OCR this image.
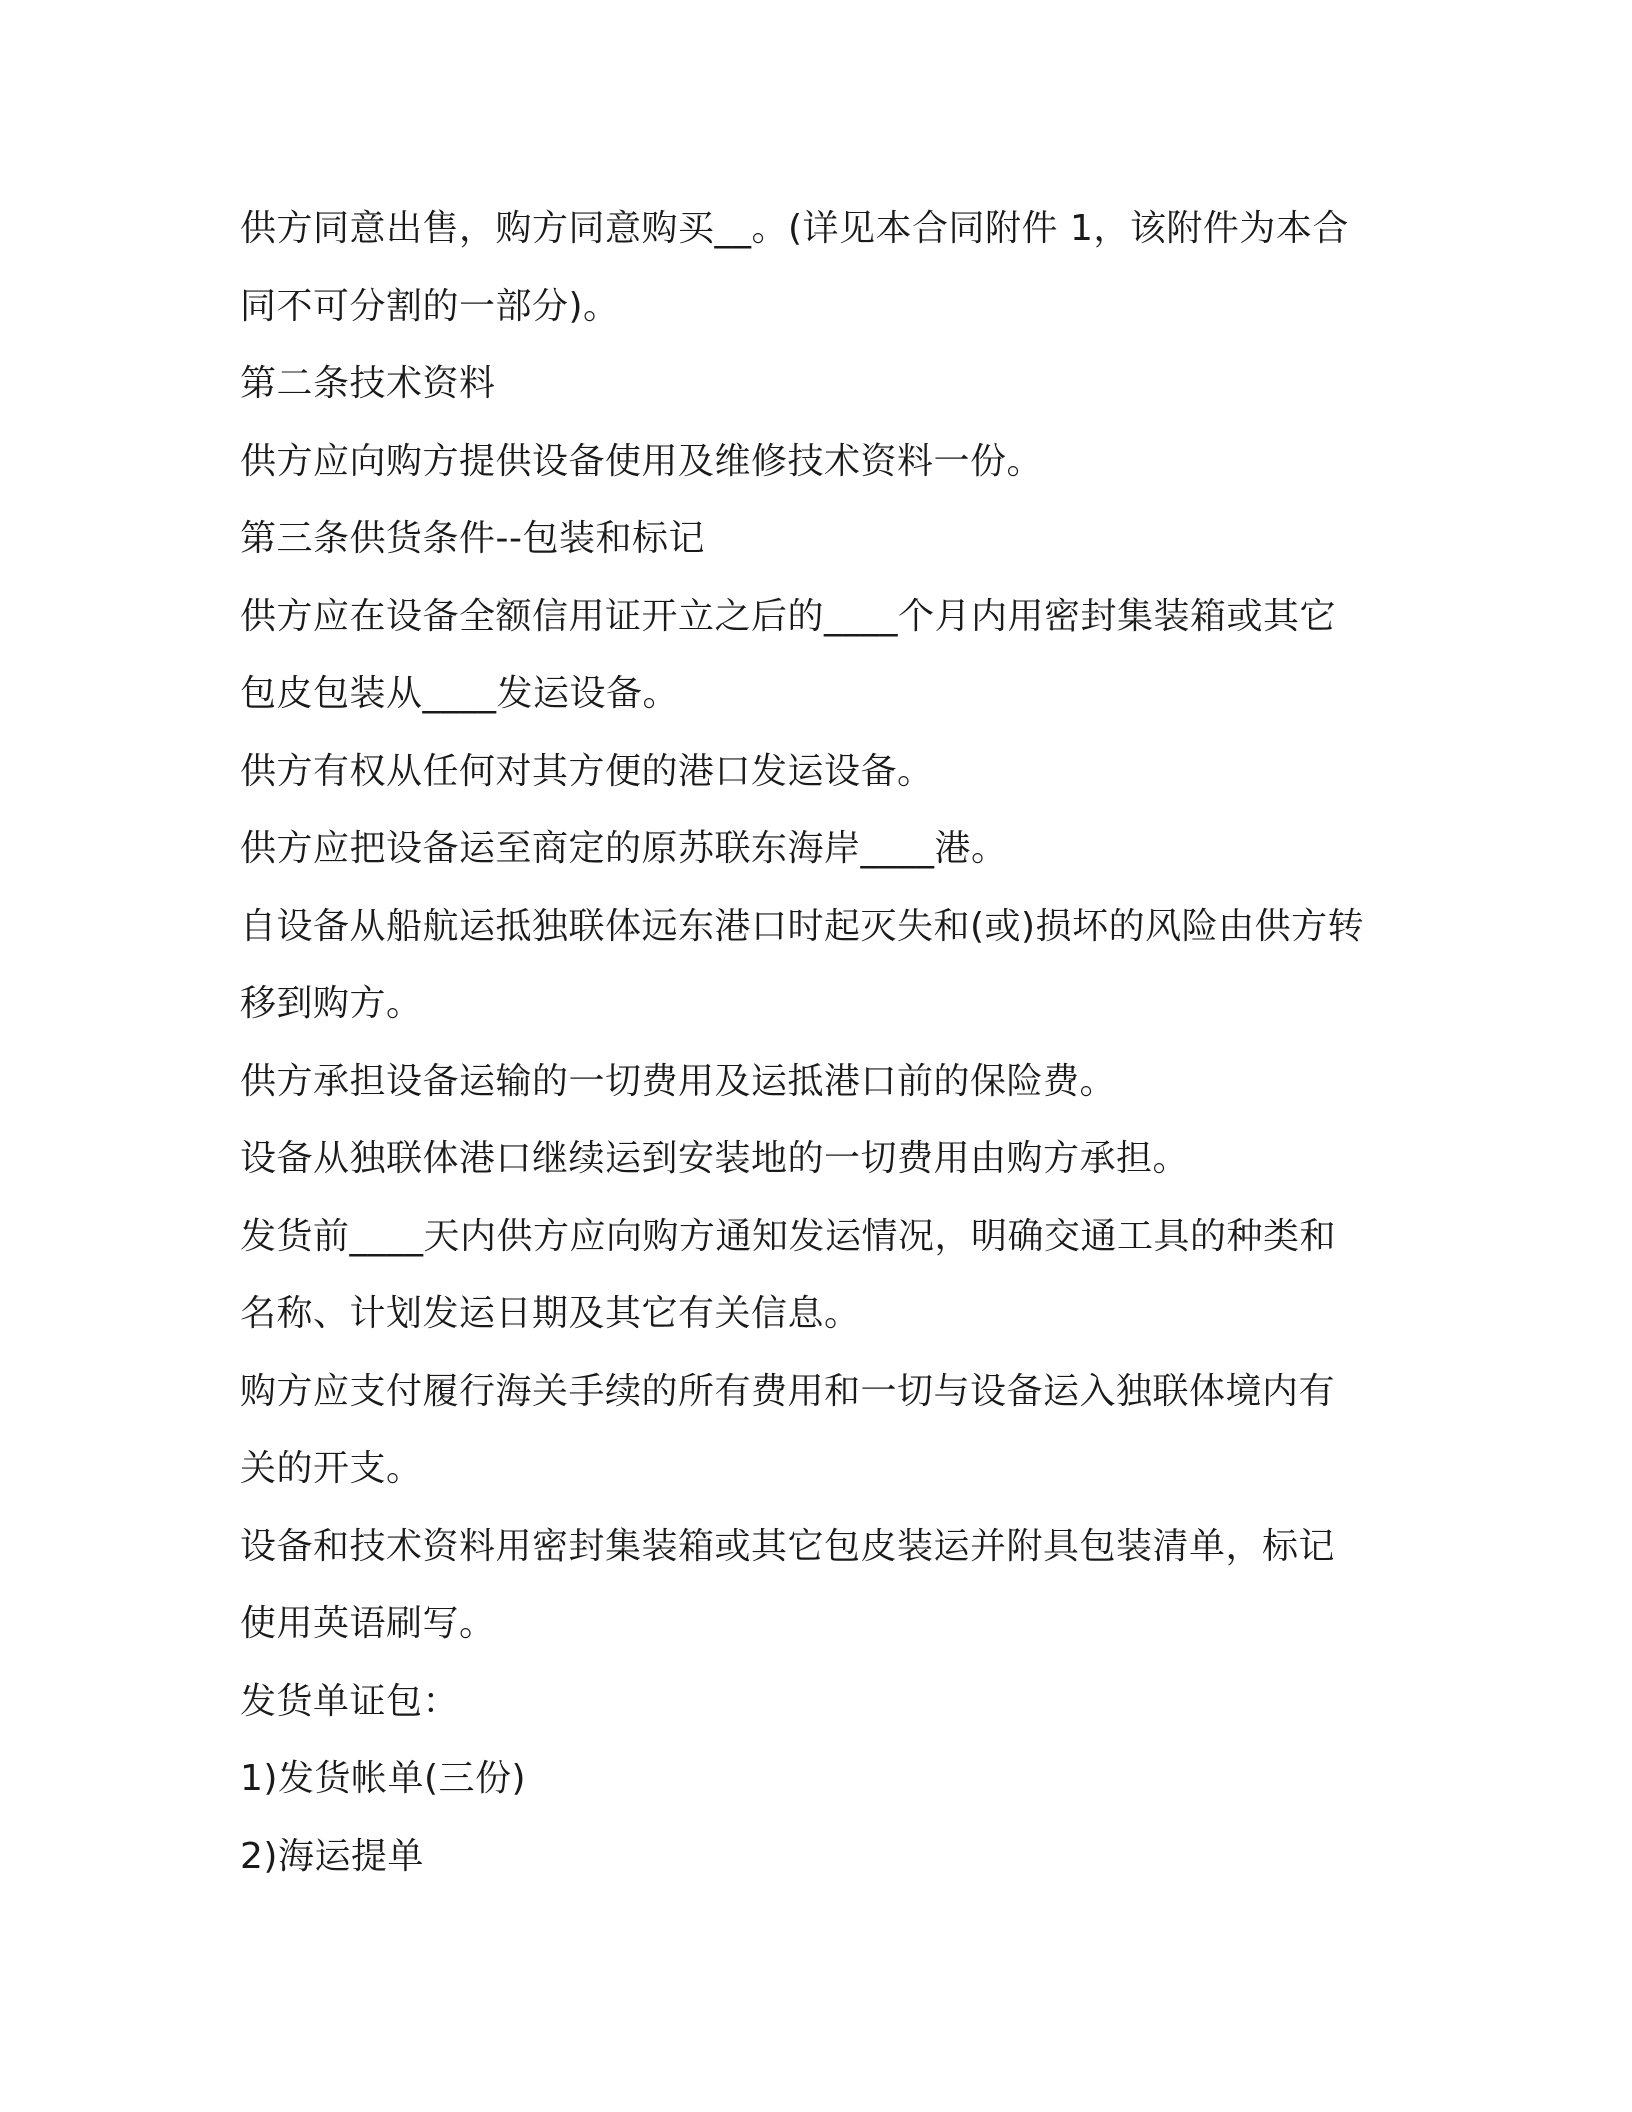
供方同意出售，购方同意购买__。(详见本合同附件 1，该附件为本合
同不可分割的一部分)。
第二条技术资料
供方应向购方提供设备使用及维修技术资料一份。
第三条供货条件--包装和标记
供方应在设备全额信用证开立之后的____个月内用密封集装箱或其它
包皮包装从____发运设备。
供方有权从任何对其方便的港口发运设备。
供方应把设备运至商定的原苏联东海岸____港。
自设备从船航运抵独联体远东港口时起灭失和(或)损坏的风险由供方转
移到购方。
供方承担设备运输的一切费用及运抵港口前的保险费。
设备从独联体港口继续运到安装地的一切费用由购方承担。
发货前____天内供方应向购方通知发运情况，明确交通工具的种类和
名称、计划发运日期及其它有关信息。
购方应支付履行海关手续的所有费用和一切与设备运入独联体境内有
关的开支。
设备和技术资料用密封集装箱或其它包皮装运并附具包装清单，标记
使用英语刷写。
发货单证包：
1)发货帐单(三份)
2)海运提单
